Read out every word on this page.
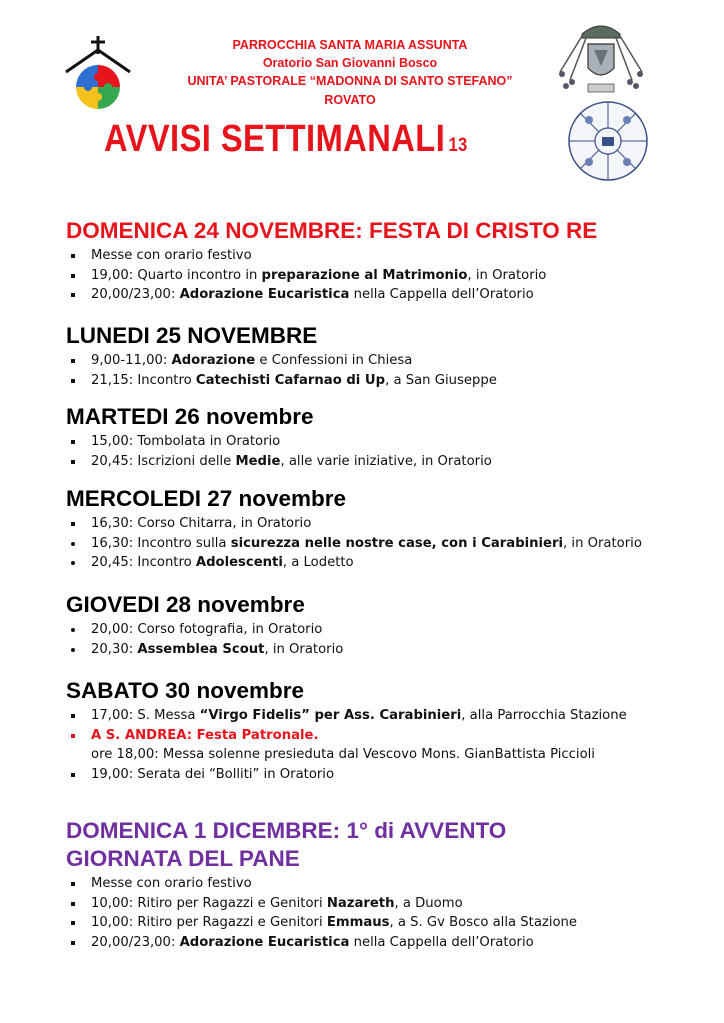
PARROCCHIA SANTA MARIA ASSUNTA
Oratorio San Giovanni Bosco
UNITA’ PASTORALE “MADONNA DI SANTO STEFANO”
ROVATO
AVVISI SETTIMANALI 13
DOMENICA 24 NOVEMBRE: FESTA DI CRISTO RE
Messe con orario festivo
19,00: Quarto incontro in preparazione al Matrimonio, in Oratorio
20,00/23,00: Adorazione Eucaristica nella Cappella dell’Oratorio
LUNEDI 25 NOVEMBRE
9,00-11,00: Adorazione e Confessioni in Chiesa
21,15: Incontro Catechisti Cafarnao di Up, a San Giuseppe
MARTEDI 26 novembre
15,00: Tombolata in Oratorio
20,45: Iscrizioni delle Medie, alle varie iniziative, in Oratorio
MERCOLEDI 27 novembre
16,30: Corso Chitarra, in Oratorio
16,30: Incontro sulla sicurezza nelle nostre case, con i Carabinieri, in Oratorio
20,45: Incontro Adolescenti, a Lodetto
GIOVEDI 28 novembre
20,00: Corso fotografia, in Oratorio
20,30: Assemblea Scout, in Oratorio
SABATO 30 novembre
17,00: S. Messa “Virgo Fidelis” per Ass. Carabinieri, alla Parrocchia Stazione
A S. ANDREA: Festa Patronale.
ore 18,00: Messa solenne presieduta dal Vescovo Mons. GianBattista Piccioli
19,00: Serata dei “Bolliti” in Oratorio
DOMENICA 1 DICEMBRE: 1° di AVVENTO
GIORNATA DEL PANE
Messe con orario festivo
10,00: Ritiro per Ragazzi e Genitori Nazareth, a Duomo
10,00: Ritiro per Ragazzi e Genitori Emmaus, a S. Gv Bosco alla Stazione
20,00/23,00: Adorazione Eucaristica nella Cappella dell’Oratorio
